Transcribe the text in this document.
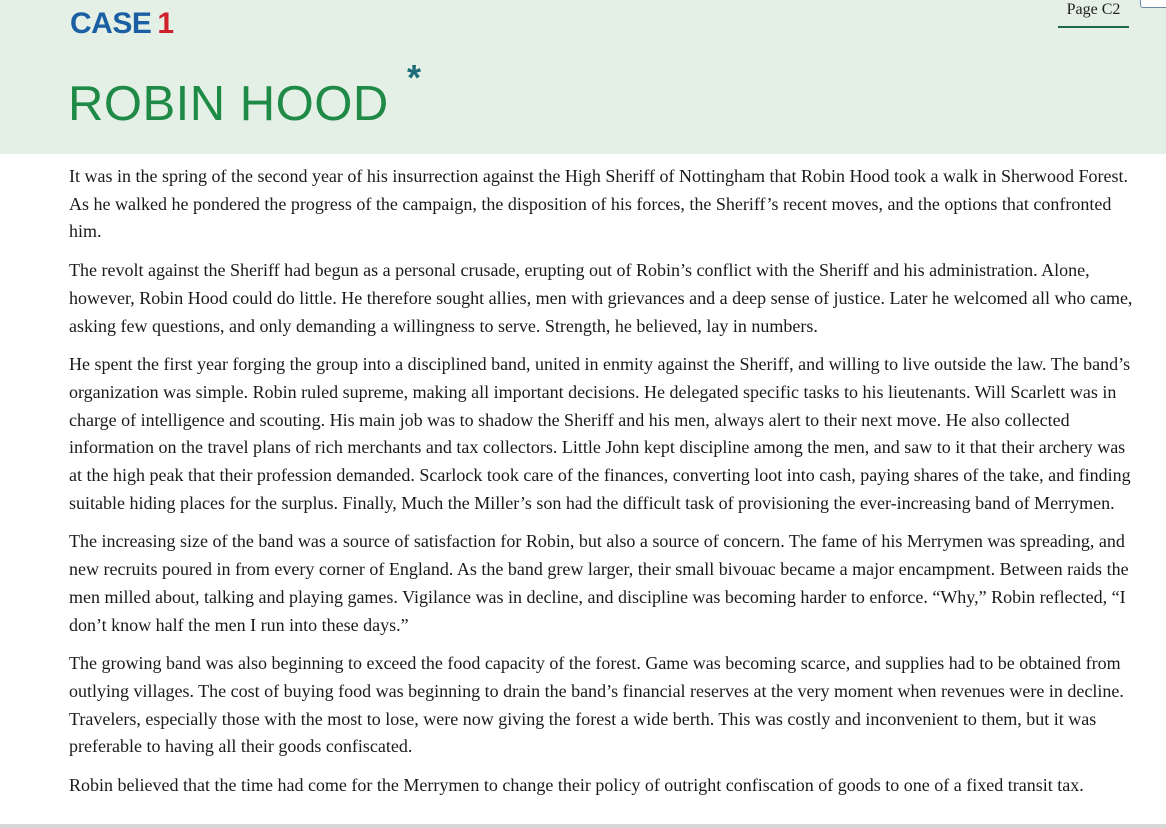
CASE 1
ROBIN HOOD *
Page C2

It was in the spring of the second year of his insurrection against the High Sheriff of Nottingham that Robin Hood took a walk in Sherwood Forest. As he walked he pondered the progress of the campaign, the disposition of his forces, the Sheriff’s recent moves, and the options that confronted him.

The revolt against the Sheriff had begun as a personal crusade, erupting out of Robin’s conflict with the Sheriff and his administration. Alone, however, Robin Hood could do little. He therefore sought allies, men with grievances and a deep sense of justice. Later he welcomed all who came, asking few questions, and only demanding a willingness to serve. Strength, he believed, lay in numbers.

He spent the first year forging the group into a disciplined band, united in enmity against the Sheriff, and willing to live outside the law. The band’s organization was simple. Robin ruled supreme, making all important decisions. He delegated specific tasks to his lieutenants. Will Scarlett was in charge of intelligence and scouting. His main job was to shadow the Sheriff and his men, always alert to their next move. He also collected information on the travel plans of rich merchants and tax collectors. Little John kept discipline among the men, and saw to it that their archery was at the high peak that their profession demanded. Scarlock took care of the finances, converting loot into cash, paying shares of the take, and finding suitable hiding places for the surplus. Finally, Much the Miller’s son had the difficult task of provisioning the ever-increasing band of Merrymen.

The increasing size of the band was a source of satisfaction for Robin, but also a source of concern. The fame of his Merrymen was spreading, and new recruits poured in from every corner of England. As the band grew larger, their small bivouac became a major encampment. Between raids the men milled about, talking and playing games. Vigilance was in decline, and discipline was becoming harder to enforce. “Why,” Robin reflected, “I don’t know half the men I run into these days.”

The growing band was also beginning to exceed the food capacity of the forest. Game was becoming scarce, and supplies had to be obtained from outlying villages. The cost of buying food was beginning to drain the band’s financial reserves at the very moment when revenues were in decline. Travelers, especially those with the most to lose, were now giving the forest a wide berth. This was costly and inconvenient to them, but it was preferable to having all their goods confiscated.

Robin believed that the time had come for the Merrymen to change their policy of outright confiscation of goods to one of a fixed transit tax.
